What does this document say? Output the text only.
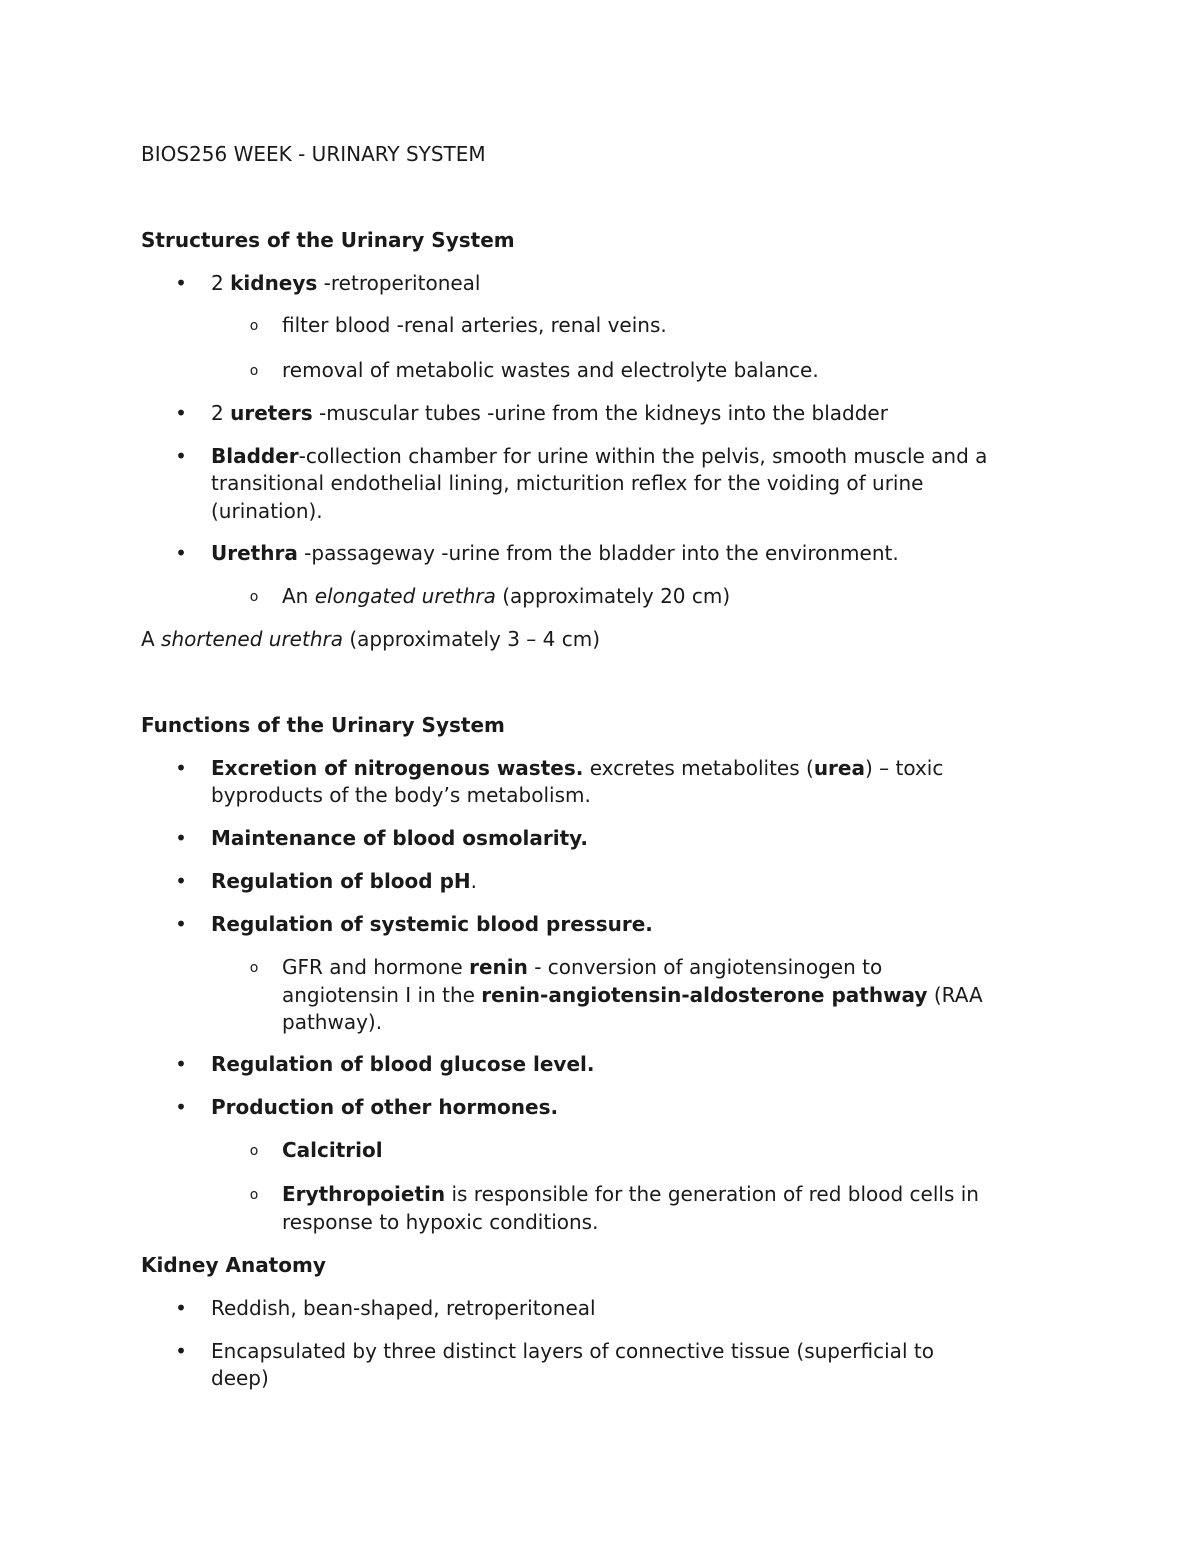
BIOS256 WEEK - URINARY SYSTEM
Structures of the Urinary System
• 2 kidneys -retroperitoneal
o filter blood -renal arteries, renal veins.
o removal of metabolic wastes and electrolyte balance.
• 2 ureters -muscular tubes -urine from the kidneys into the bladder
• Bladder-collection chamber for urine within the pelvis, smooth muscle and a
transitional endothelial lining, micturition reflex for the voiding of urine
(urination).
• Urethra -passageway -urine from the bladder into the environment.
o An elongated urethra (approximately 20 cm)
A shortened urethra (approximately 3 – 4 cm)
Functions of the Urinary System
• Excretion of nitrogenous wastes. excretes metabolites (urea) – toxic
byproducts of the body’s metabolism.
• Maintenance of blood osmolarity.
• Regulation of blood pH.
• Regulation of systemic blood pressure.
o GFR and hormone renin - conversion of angiotensinogen to
angiotensin I in the renin-angiotensin-aldosterone pathway (RAA
pathway).
• Regulation of blood glucose level.
• Production of other hormones.
o Calcitriol
o Erythropoietin is responsible for the generation of red blood cells in
response to hypoxic conditions.
Kidney Anatomy
• Reddish, bean-shaped, retroperitoneal
• Encapsulated by three distinct layers of connective tissue (superficial to
deep)
